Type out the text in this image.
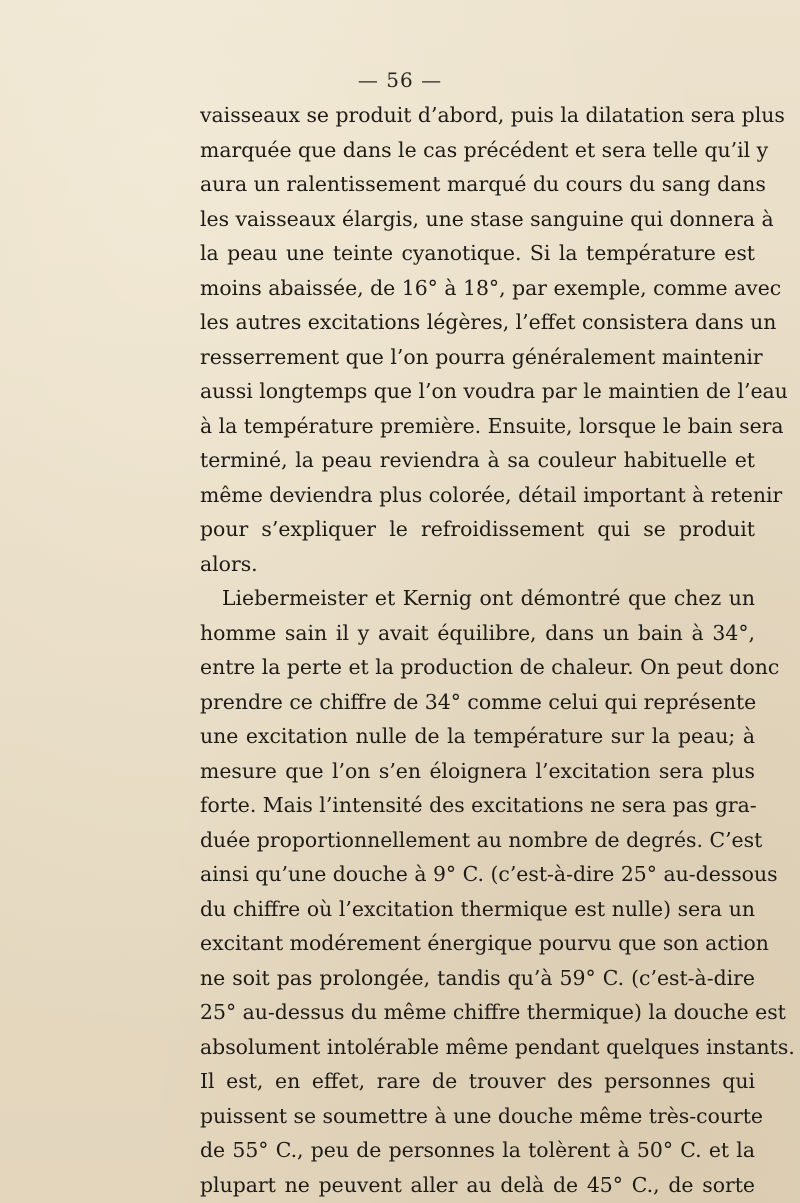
— 56 —
vaisseaux se produit d’abord, puis la dilatation sera plus
marquée que dans le cas précédent et sera telle qu’il y
aura un ralentissement marqué du cours du sang dans
les vaisseaux élargis, une stase sanguine qui donnera à
la peau une teinte cyanotique. Si la température est
moins abaissée, de 16° à 18°, par exemple, comme avec
les autres excitations légères, l’effet consistera dans un
resserrement que l’on pourra généralement maintenir
aussi longtemps que l’on voudra par le maintien de l’eau
à la température première. Ensuite, lorsque le bain sera
terminé, la peau reviendra à sa couleur habituelle et
même deviendra plus colorée, détail important à retenir
pour s’expliquer le refroidissement qui se produit
alors.
Liebermeister et Kernig ont démontré que chez un
homme sain il y avait équilibre, dans un bain à 34°,
entre la perte et la production de chaleur. On peut donc
prendre ce chiffre de 34° comme celui qui représente
une excitation nulle de la température sur la peau; à
mesure que l’on s’en éloignera l’excitation sera plus
forte. Mais l’intensité des excitations ne sera pas gra-
duée proportionnellement au nombre de degrés. C’est
ainsi qu’une douche à 9° C. (c’est-à-dire 25° au-dessous
du chiffre où l’excitation thermique est nulle) sera un
excitant modérement énergique pourvu que son action
ne soit pas prolongée, tandis qu’à 59° C. (c’est-à-dire
25° au-dessus du même chiffre thermique) la douche est
absolument intolérable même pendant quelques instants.
Il est, en effet, rare de trouver des personnes qui
puissent se soumettre à une douche même très-courte
de 55° C., peu de personnes la tolèrent à 50° C. et la
plupart ne peuvent aller au delà de 45° C., de sorte
